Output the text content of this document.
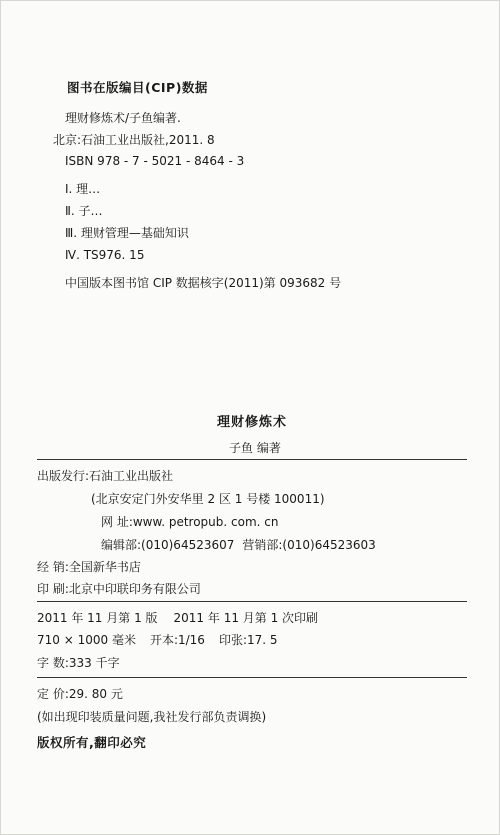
图书在版编目(CIP)数据
理财修炼术/子鱼编著.
北京:石油工业出版社,2011. 8
ISBN 978 - 7 - 5021 - 8464 - 3
Ⅰ. 理…
Ⅱ. 子…
Ⅲ. 理财管理—基础知识
Ⅳ. TS976. 15
中国版本图书馆 CIP 数据核字(2011)第 093682 号
理财修炼术
子鱼 编著
出版发行:石油工业出版社
(北京安定门外安华里 2 区 1 号楼 100011)
网 址:www. petropub. com. cn
编辑部:(010)64523607 营销部:(010)64523603
经 销:全国新华书店
印 刷:北京中印联印务有限公司
2011 年 11 月第 1 版 2011 年 11 月第 1 次印刷
710 × 1000 毫米 开本:1/16 印张:17. 5
字 数:333 千字
定 价:29. 80 元
(如出现印装质量问题,我社发行部负责调换)
版权所有,翻印必究
